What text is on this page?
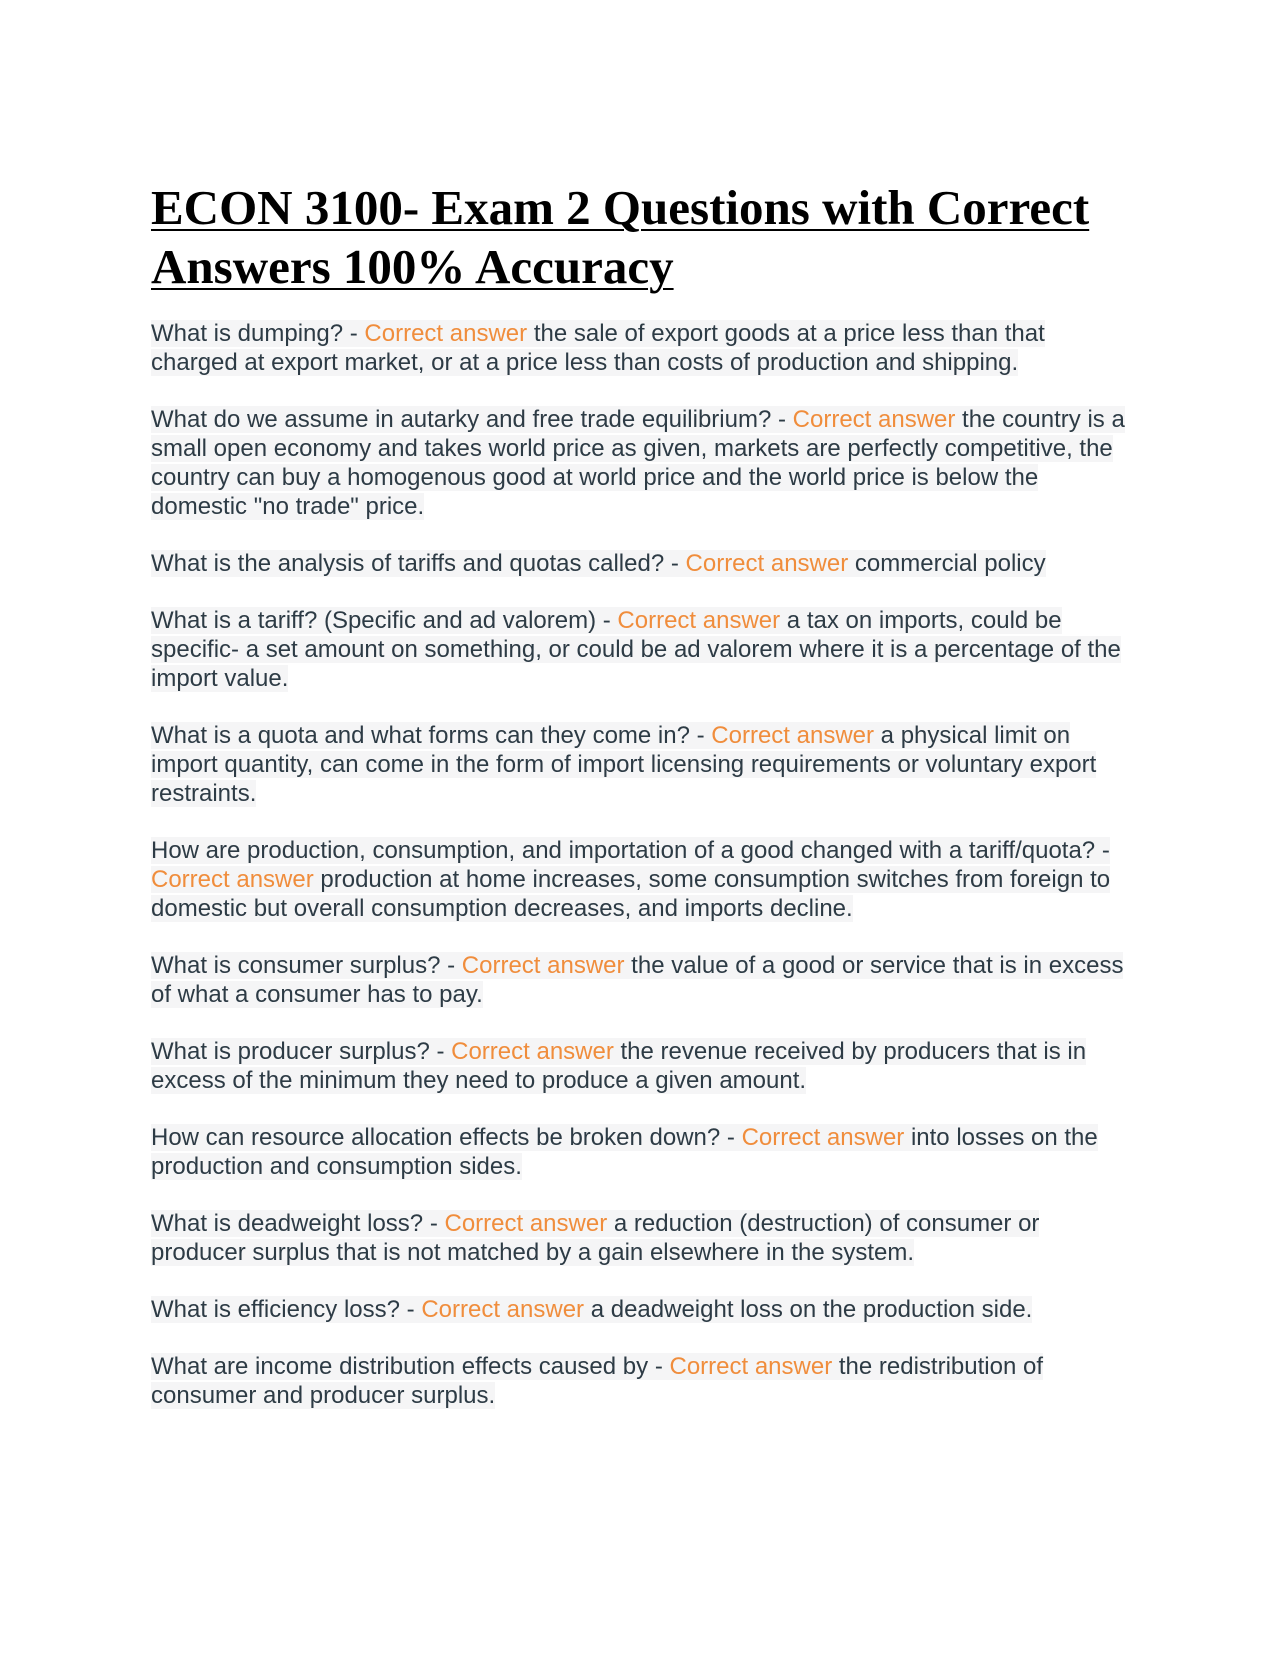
ECON 3100- Exam 2 Questions with Correct Answers 100% Accuracy

What is dumping? - Correct answer the sale of export goods at a price less than that charged at export market, or at a price less than costs of production and shipping.

What do we assume in autarky and free trade equilibrium? - Correct answer the country is a small open economy and takes world price as given, markets are perfectly competitive, the country can buy a homogenous good at world price and the world price is below the domestic "no trade" price.

What is the analysis of tariffs and quotas called? - Correct answer commercial policy

What is a tariff? (Specific and ad valorem) - Correct answer a tax on imports, could be specific- a set amount on something, or could be ad valorem where it is a percentage of the import value.

What is a quota and what forms can they come in? - Correct answer a physical limit on import quantity, can come in the form of import licensing requirements or voluntary export restraints.

How are production, consumption, and importation of a good changed with a tariff/quota? - Correct answer production at home increases, some consumption switches from foreign to domestic but overall consumption decreases, and imports decline.

What is consumer surplus? - Correct answer the value of a good or service that is in excess of what a consumer has to pay.

What is producer surplus? - Correct answer the revenue received by producers that is in excess of the minimum they need to produce a given amount.

How can resource allocation effects be broken down? - Correct answer into losses on the production and consumption sides.

What is deadweight loss? - Correct answer a reduction (destruction) of consumer or producer surplus that is not matched by a gain elsewhere in the system.

What is efficiency loss? - Correct answer a deadweight loss on the production side.

What are income distribution effects caused by - Correct answer the redistribution of consumer and producer surplus.
